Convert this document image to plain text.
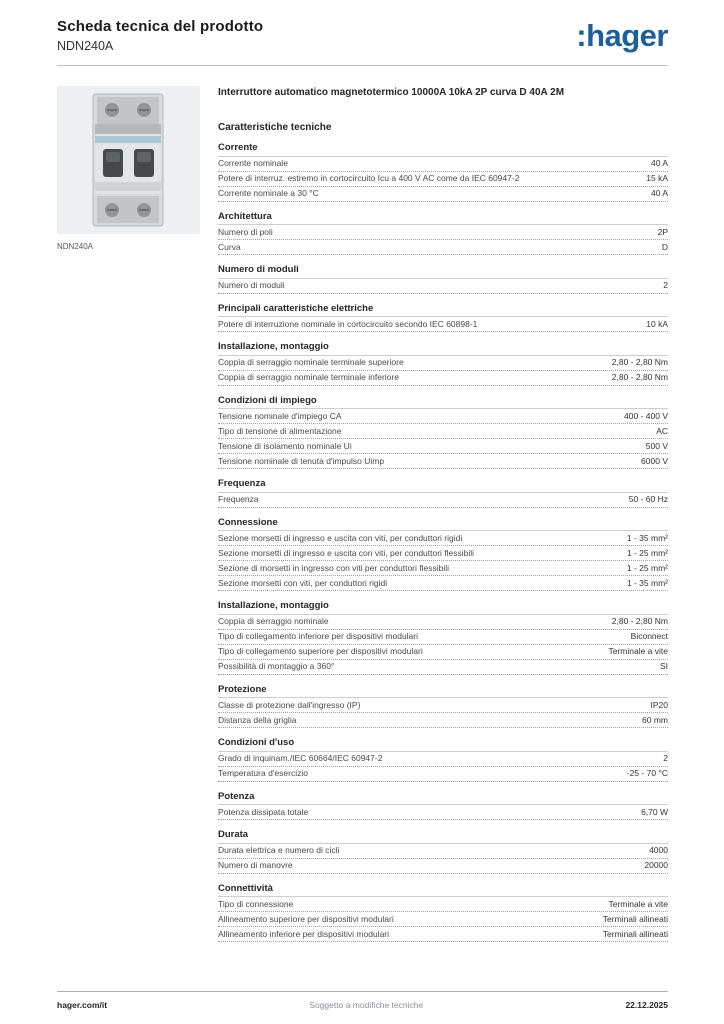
Scheda tecnica del prodotto
NDN240A	:hager
NDN240A
Interruttore automatico magnetotermico 10000A 10kA 2P curva D 40A 2M
Caratteristiche tecniche
Corrente
Corrente nominale	40 A
Potere di interruz. estremo in cortocircuito Icu a 400 V AC come da IEC 60947-2	15 kA
Corrente nominale a 30 °C	40 A
Architettura
Numero di poli	2P
Curva	D
Numero di moduli
Numero di moduli	2
Principali caratteristiche elettriche
Potere di interruzione nominale in cortocircuito secondo IEC 60898-1	10 kA
Installazione, montaggio
Coppia di serraggio nominale terminale superiore	2,80 - 2,80 Nm
Coppia di serraggio nominale terminale inferiore	2,80 - 2,80 Nm
Condizioni di impiego
Tensione nominale d'impiego CA	400 - 400 V
Tipo di tensione di alimentazione	AC
Tensione di isolamento nominale Ui	500 V
Tensione nominale di tenuta d'impulso Uimp	6000 V
Frequenza
Frequenza	50 - 60 Hz
Connessione
Sezione morsetti di ingresso e uscita con viti, per conduttori rigidi	1 - 35 mm²
Sezione morsetti di ingresso e uscita con viti, per conduttori flessibili	1 - 25 mm²
Sezione di morsetti in ingresso con viti per conduttori flessibili	1 - 25 mm²
Sezione morsetti con viti, per conduttori rigidi	1 - 35 mm²
Installazione, montaggio
Coppia di serraggio nominale	2,80 - 2,80 Nm
Tipo di collegamento inferiore per dispositivi modulari	Biconnect
Tipo di collegamento superiore per dispositivi modulari	Terminale a vite
Possibilità di montaggio a 360°	SI
Protezione
Classe di protezione dall'ingresso (IP)	IP20
Distanza della griglia	60 mm
Condizioni d'uso
Grado di inquinam./IEC 60664/IEC 60947-2	2
Temperatura d'esercizio	-25 - 70 °C
Potenza
Potenza dissipata totale	6,70 W
Durata
Durata elettrica e numero di cicli	4000
Numero di manovre	20000
Connettività
Tipo di connessione	Terminale a vite
Allineamento superiore per dispositivi modulari	Terminali allineati
Allineamento inferiore per dispositivi modulari	Terminali allineati
hager.com/it	Soggetto a modifiche tecniche	22.12.2025
